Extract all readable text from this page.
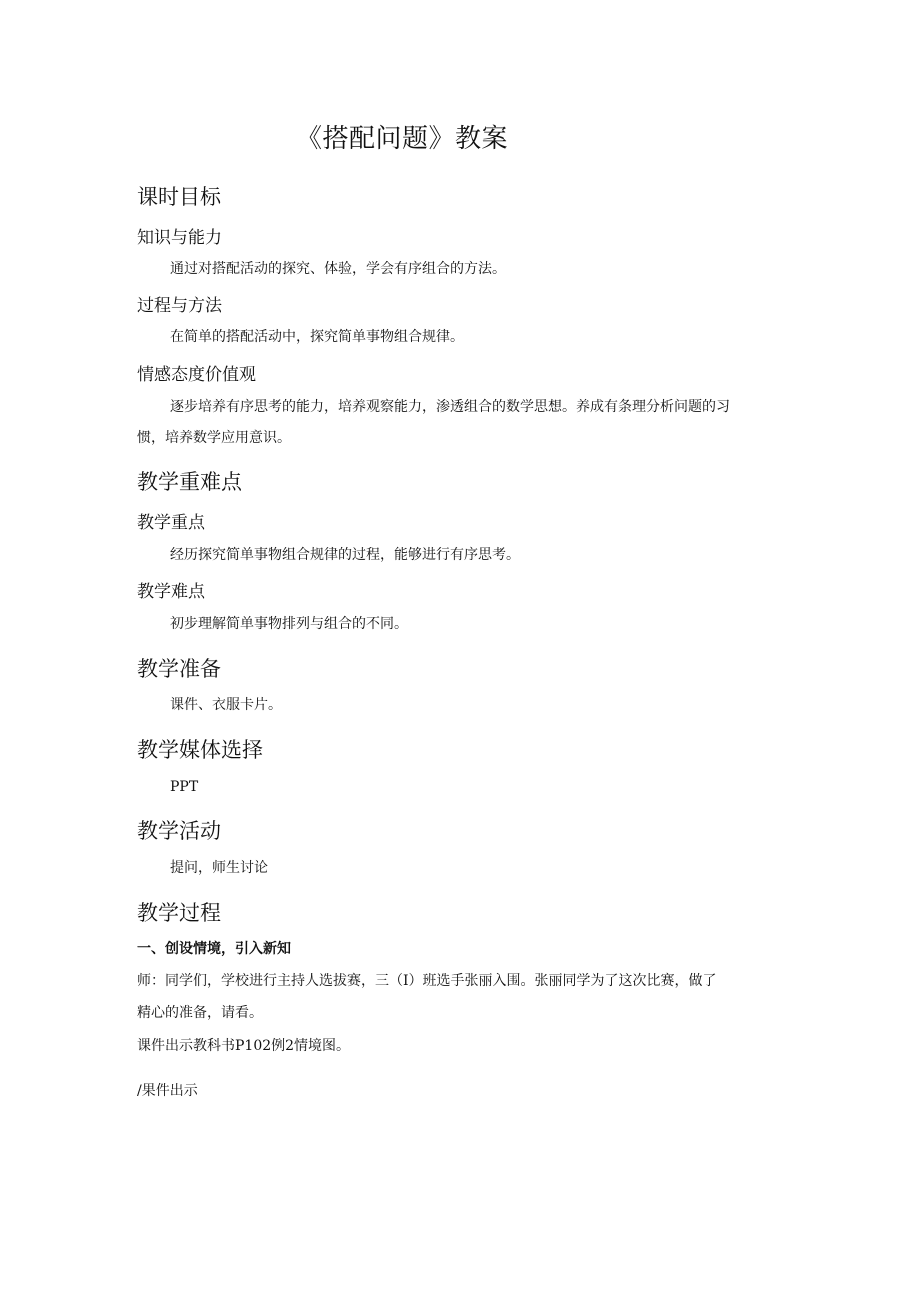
《搭配问题》教案
课时目标
知识与能力

通过对搭配活动的探究、体验，学会有序组合的方法。

过程与方法

在简单的搭配活动中，探究简单事物组合规律。

情感态度价值观

逐步培养有序思考的能力，培养观察能力，渗透组合的数学思想。养成有条理分析问题的习

惯，培养数学应用意识。

教学重难点
教学重点

经历探究简单事物组合规律的过程，能够进行有序思考。

教学难点

初步理解简单事物排列与组合的不同。

教学准备

课件、衣服卡片。

教学媒体选择

PPT

教学活动

提问，师生讨论

教学过程
一、创设情境，引入新知

师：同学们，学校进行主持人选拔赛，三（I）班选手张丽入围。张丽同学为了这次比赛，做了

精心的准备，请看。

课件出示教科书P102例2情境图。

/果件出示
